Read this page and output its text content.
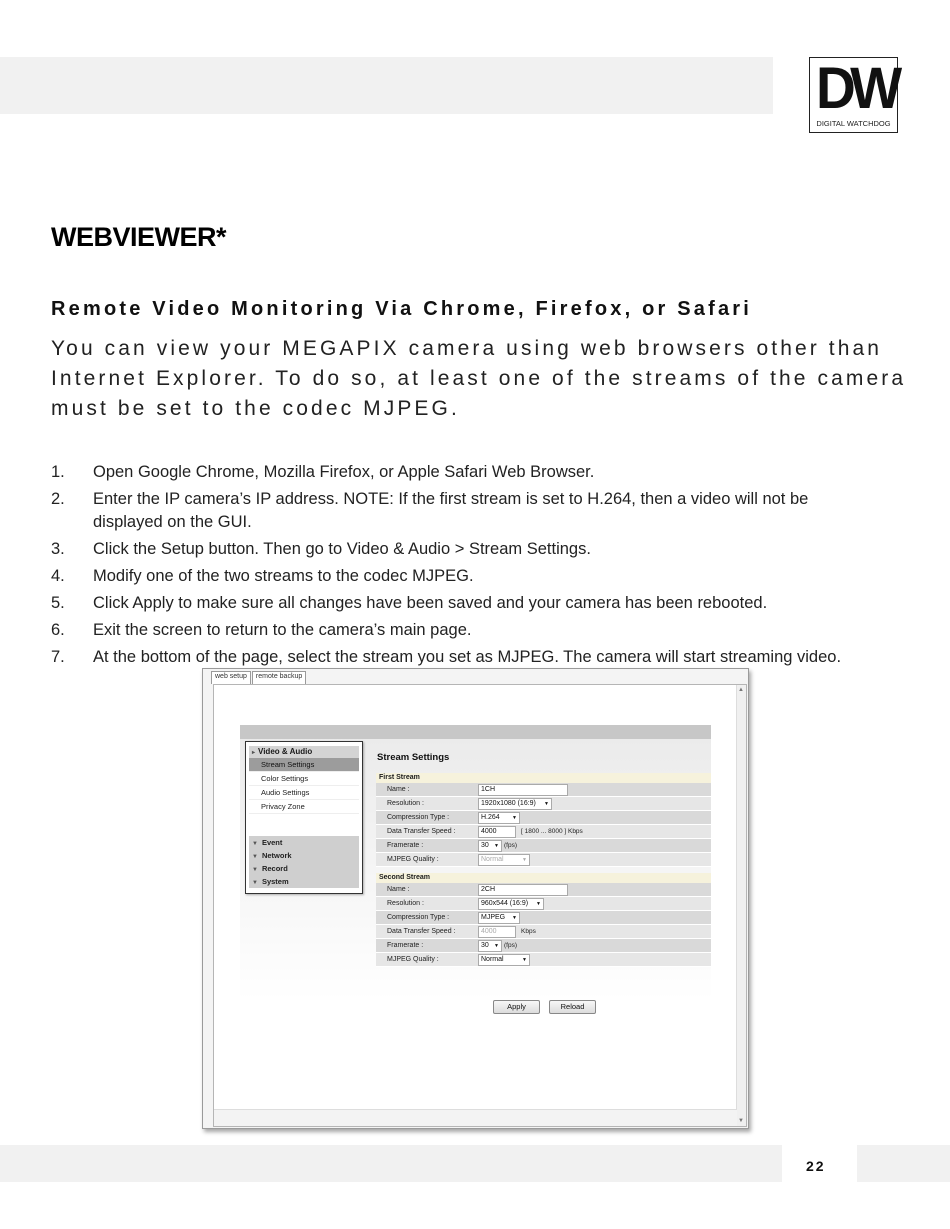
DW
DIGITAL WATCHDOG
WEBVIEWER*
Remote Video Monitoring Via Chrome, Firefox, or Safari
You can view your MEGAPIX camera using web browsers other than Internet Explorer. To do so, at least one of the streams of the camera must be set to the codec MJPEG.
1. Open Google Chrome, Mozilla Firefox, or Apple Safari Web Browser.
2. Enter the IP camera’s IP address. NOTE: If the first stream is set to H.264, then a video will not be displayed on the GUI.
3. Click the Setup button. Then go to Video & Audio > Stream Settings.
4. Modify one of the two streams to the codec MJPEG.
5. Click Apply to make sure all changes have been saved and your camera has been rebooted.
6. Exit the screen to return to the camera’s main page.
7. At the bottom of the page, select the stream you set as MJPEG. The camera will start streaming video.
web setup	remote backup
▲
▼
▸ Video & Audio
Stream Settings
Color Settings
Audio Settings
Privacy Zone
▼ Event
▼ Network
▼ Record
▼ System
Stream Settings
First Stream
Name :	1CH
Resolution :	1920x1080 (16:9) ▼
Compression Type :	H.264 ▼
Data Transfer Speed :	4000	[ 1800 ... 8000 ] Kbps
Framerate :	30 ▼ (fps)
MJPEG Quality :	Normal	▼
Second Stream
Name :	2CH
Resolution :	960x544 (16:9) ▼
Compression Type :	MJPEG ▼
Data Transfer Speed :	4000	Kbps
Framerate :	30 ▼ (fps)
MJPEG Quality :	Normal	▼
Apply	Reload
22
